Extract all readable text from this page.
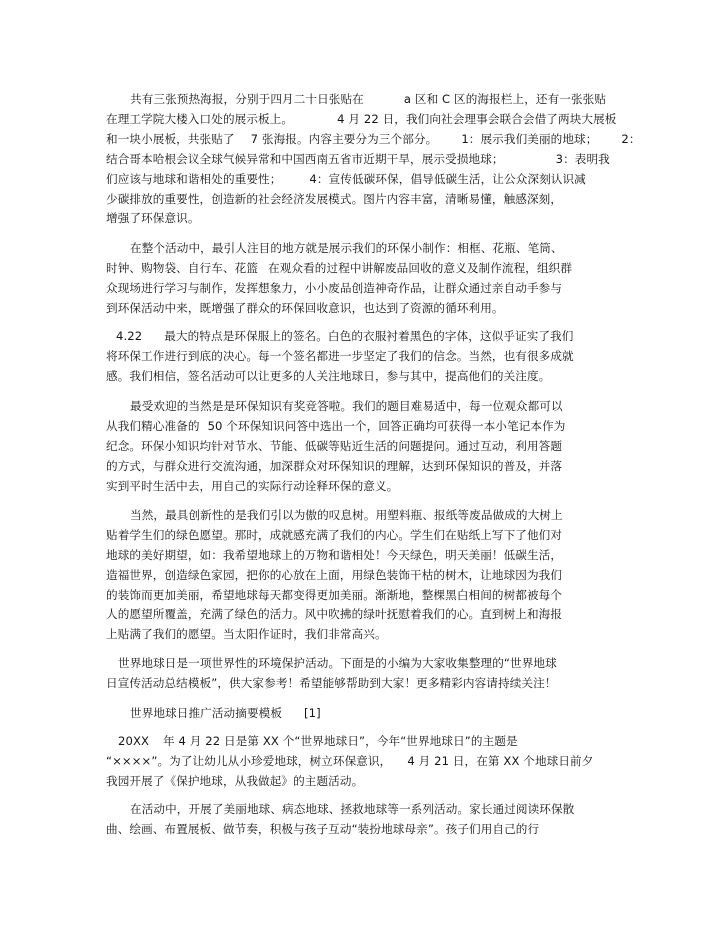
共有三张预热海报，分别于四月二十日张贴在	a 区和 C 区的海报栏上，还有一张张贴
在理工学院大楼入口处的展示板上。	4 月 22 日，我们向社会理事会联合会借了两块大展板
和一块小展板，共张贴了 7 张海报。内容主要分为三个部分。 1：展示我们美丽的地球； 2：
结合哥本哈根会议全球气候异常和中国西南五省市近期干旱，展示受损地球；	3：表明我
们应该与地球和谐相处的重要性； 4：宣传低碳环保，倡导低碳生活，让公众深刻认识减
少碳排放的重要性，创造新的社会经济发展模式。图片内容丰富，清晰易懂，触感深刻，
增强了环保意识。
在整个活动中，最引人注目的地方就是展示我们的环保小制作：相框、花瓶、笔筒、
时钟、购物袋、自行车、花篮 在观众看的过程中讲解废品回收的意义及制作流程，组织群
众现场进行学习与制作，发挥想象力，小小废品创造神奇作品，让群众通过亲自动手参与
到环保活动中来，既增强了群众的环保回收意识，也达到了资源的循环利用。
4.22 最大的特点是环保服上的签名。白色的衣服衬着黑色的字体，这似乎证实了我们
将环保工作进行到底的决心。每一个签名都进一步坚定了我们的信念。当然，也有很多成就
感。我们相信，签名活动可以让更多的人关注地球日，参与其中，提高他们的关注度。
最受欢迎的当然是是环保知识有奖竞答啦。我们的题目难易适中，每一位观众都可以
从我们精心准备的 50 个环保知识问答中选出一个，回答正确均可获得一本小笔记本作为
纪念。环保小知识均针对节水、节能、低碳等贴近生活的问题提问。通过互动，利用答题
的方式，与群众进行交流沟通，加深群众对环保知识的理解，达到环保知识的普及，并落
实到平时生活中去，用自己的实际行动诠释环保的意义。
当然，最具创新性的是我们引以为傲的叹息树。用塑料瓶、报纸等废品做成的大树上
贴着学生们的绿色愿望。那时，成就感充满了我们的内心。学生们在贴纸上写下了他们对
地球的美好期望，如：我希望地球上的万物和谐相处！今天绿色，明天美丽！低碳生活，
造福世界，创造绿色家园，把你的心放在上面，用绿色装饰干枯的树木，让地球因为我们
的装饰而更加美丽，希望地球每天都变得更加美丽。渐渐地，整棵黑白相间的树都被每个
人的愿望所覆盖，充满了绿色的活力。风中吹拂的绿叶抚慰着我们的心。直到树上和海报
上贴满了我们的愿望。当太阳作证时，我们非常高兴。
世界地球日是一项世界性的环境保护活动。下面是的小编为大家收集整理的“世界地球
日宣传活动总结模板”，供大家参考！希望能够帮助到大家！更多精彩内容请持续关注！
世界地球日推广活动摘要模板 [1]
20XX 年 4 月 22 日是第 XX 个“世界地球日”，今年“世界地球日”的主题是
“××××”。为了让幼儿从小珍爱地球，树立环保意识， 4 月 21 日，在第 XX 个地球日前夕
我园开展了《保护地球，从我做起》的主题活动。
在活动中，开展了美丽地球、病态地球、拯救地球等一系列活动。家长通过阅读环保散
曲、绘画、布置展板、做节奏，积极与孩子互动“装扮地球母亲”。孩子们用自己的行
